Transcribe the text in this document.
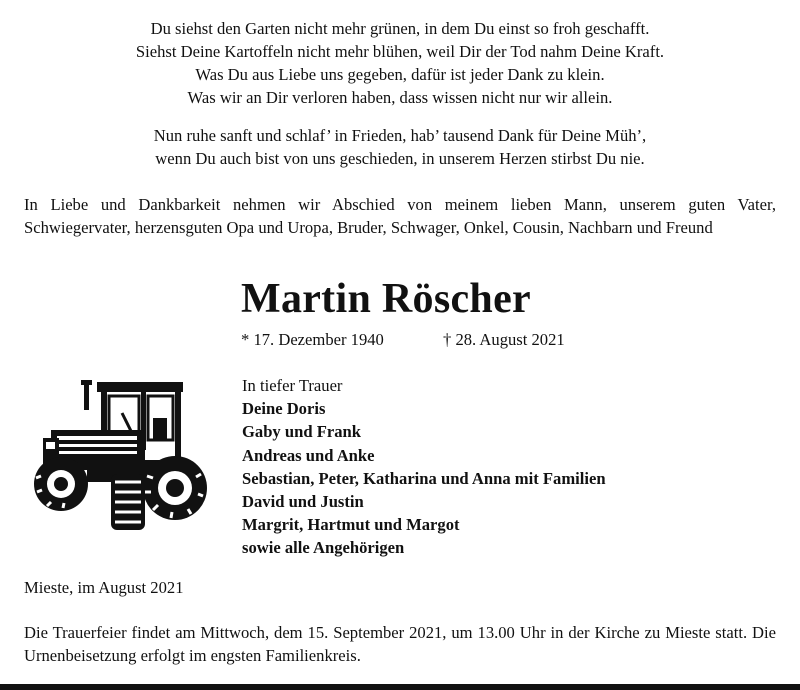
Du siehst den Garten nicht mehr grünen, in dem Du einst so froh geschafft.
Siehst Deine Kartoffeln nicht mehr blühen, weil Dir der Tod nahm Deine Kraft.
Was Du aus Liebe uns gegeben, dafür ist jeder Dank zu klein.
Was wir an Dir verloren haben, dass wissen nicht nur wir allein.
Nun ruhe sanft und schlaf’ in Frieden, hab’ tausend Dank für Deine Müh’,
wenn Du auch bist von uns geschieden, in unserem Herzen stirbst Du nie.
In Liebe und Dankbarkeit nehmen wir Abschied von meinem lieben Mann, unserem guten Vater, Schwiegervater, herzensguten Opa und Uropa, Bruder, Schwager, Onkel, Cousin, Nachbarn und Freund
Martin Röscher
* 17. Dezember 1940	† 28. August 2021
In tiefer Trauer
Deine Doris
Gaby und Frank
Andreas und Anke
Sebastian, Peter, Katharina und Anna mit Familien
David und Justin
Margrit, Hartmut und Margot
sowie alle Angehörigen
Mieste, im August 2021
Die Trauerfeier findet am Mittwoch, dem 15. September 2021, um 13.00 Uhr in der Kirche zu Mieste statt. Die Urnenbeisetzung erfolgt im engsten Familienkreis.
